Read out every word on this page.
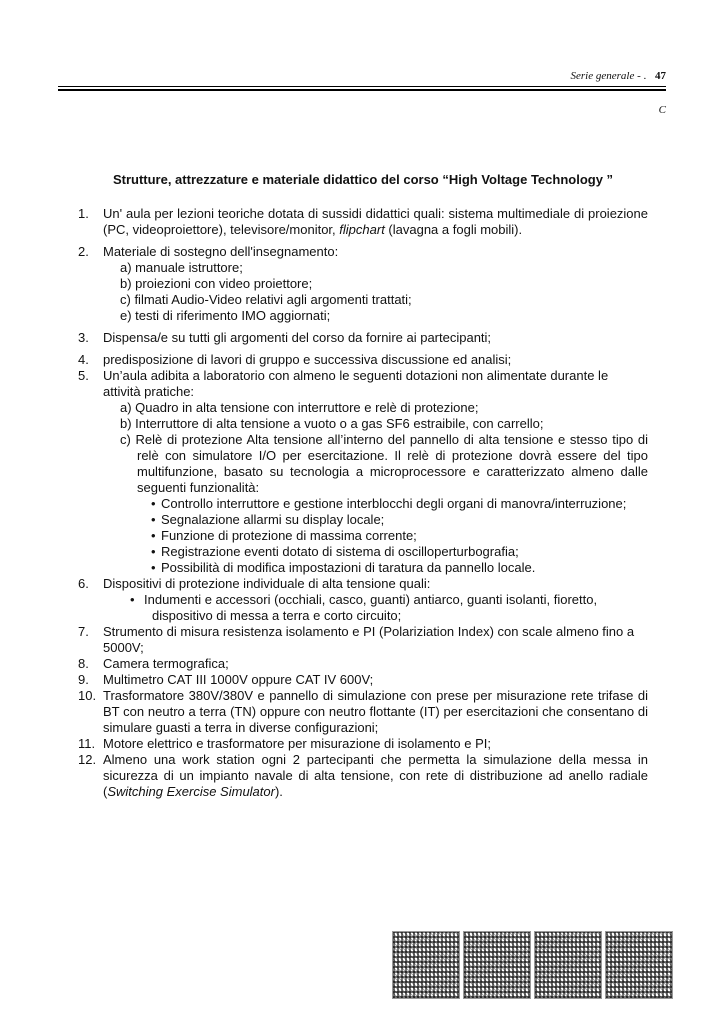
Serie generale - . 47
C
Strutture, attrezzature e materiale didattico del corso “High Voltage Technology ”
1. Un' aula per lezioni teoriche dotata di sussidi didattici quali: sistema multimediale di proiezione (PC, videoproiettore), televisore/monitor, flipchart (lavagna a fogli mobili).
2. Materiale di sostegno dell'insegnamento:
a) manuale istruttore;
b) proiezioni con video proiettore;
c) filmati Audio-Video relativi agli argomenti trattati;
e) testi di riferimento IMO aggiornati;
3. Dispensa/e su tutti gli argomenti del corso da fornire ai partecipanti;
4. predisposizione di lavori di gruppo e successiva discussione ed analisi;
5. Un’aula adibita a laboratorio con almeno le seguenti dotazioni non alimentate durante le attività pratiche:
a) Quadro in alta tensione con interruttore e relè di protezione;
b) Interruttore di alta tensione a vuoto o a gas SF6 estraibile, con carrello;
c) Relè di protezione Alta tensione all’interno del pannello di alta tensione e stesso tipo di relè con simulatore I/O per esercitazione. Il relè di protezione dovrà essere del tipo multifunzione, basato su tecnologia a microprocessore e caratterizzato almeno dalle seguenti funzionalità:
• Controllo interruttore e gestione interblocchi degli organi di manovra/interruzione;
• Segnalazione allarmi su display locale;
• Funzione di protezione di massima corrente;
• Registrazione eventi dotato di sistema di oscilloperturbografia;
• Possibilità di modifica impostazioni di taratura da pannello locale.
6. Dispositivi di protezione individuale di alta tensione quali:
• Indumenti e accessori (occhiali, casco, guanti) antiarco, guanti isolanti, fioretto,
dispositivo di messa a terra e corto circuito;
7. Strumento di misura resistenza isolamento e PI (Polariziation Index) con scale almeno fino a 5000V;
8. Camera termografica;
9. Multimetro CAT III 1000V oppure CAT IV 600V;
10. Trasformatore 380V/380V e pannello di simulazione con prese per misurazione rete trifase di BT con neutro a terra (TN) oppure con neutro flottante (IT) per esercitazioni che consentano di simulare guasti a terra in diverse configurazioni;
11. Motore elettrico e trasformatore per misurazione di isolamento e PI;
12. Almeno una work station ogni 2 partecipanti che permetta la simulazione della messa in sicurezza di un impianto navale di alta tensione, con rete di distribuzione ad anello radiale (Switching Exercise Simulator).
